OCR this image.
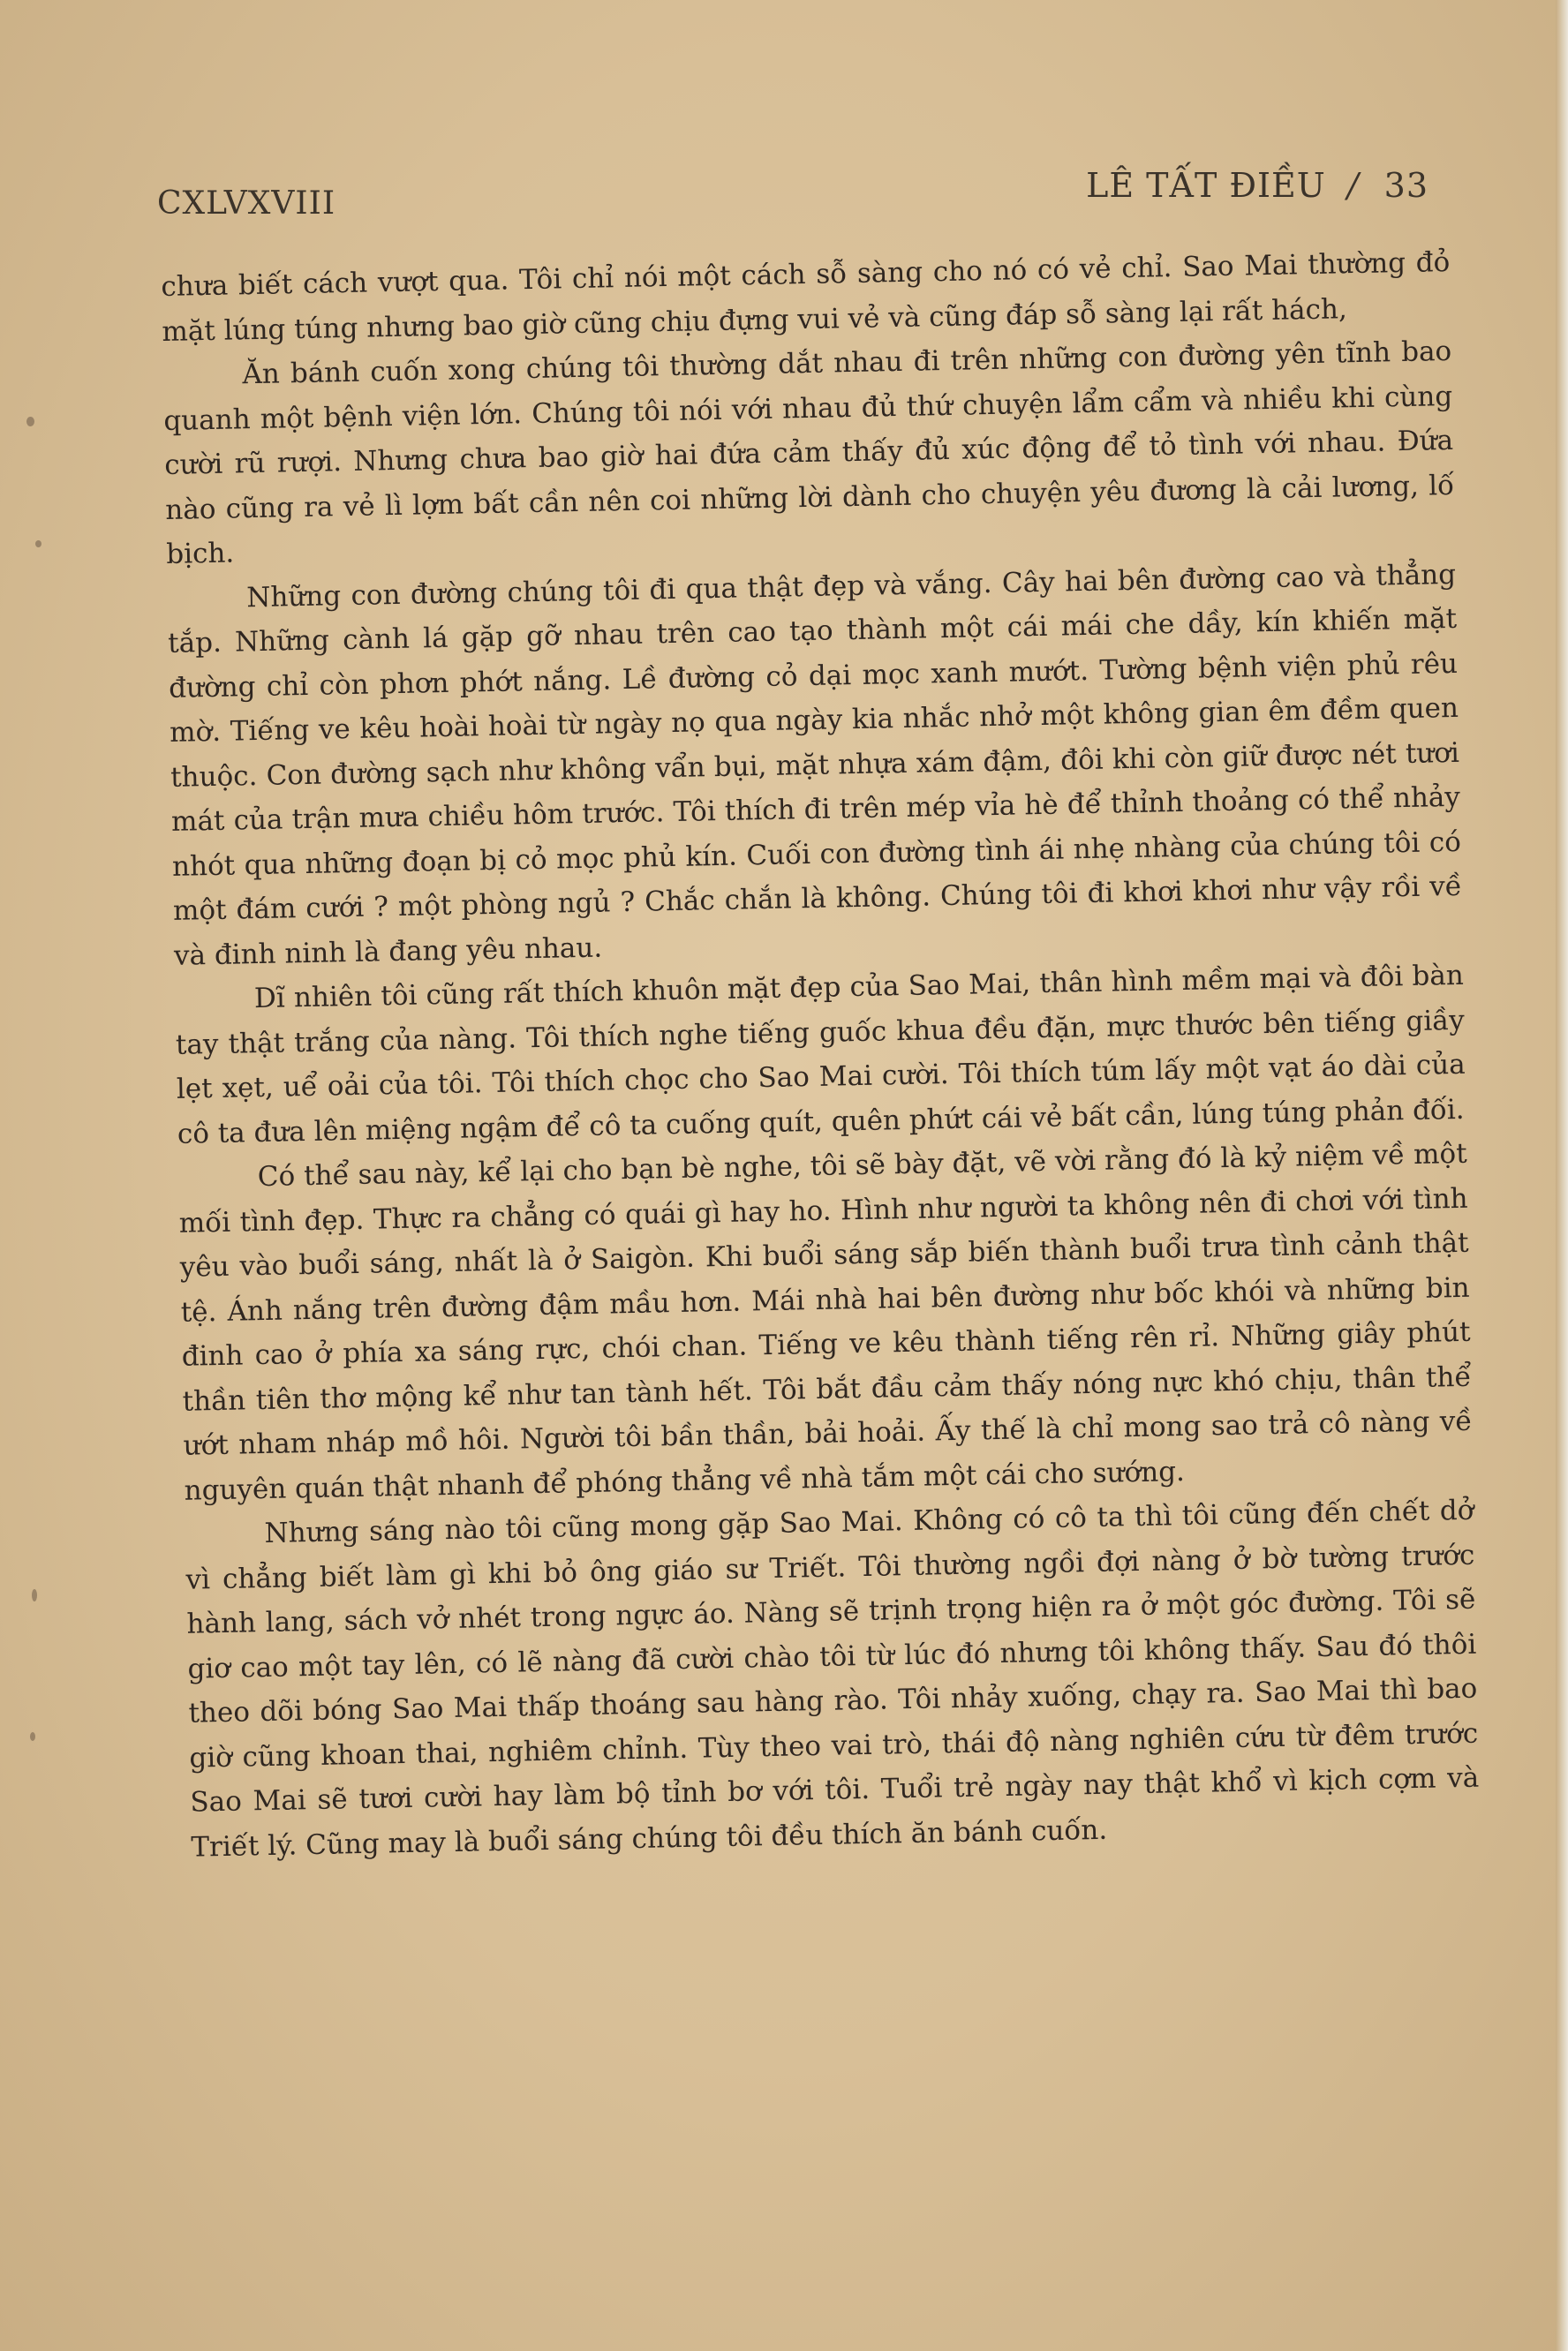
CXLVXVIII	LÊ TẤT ĐIỀU / 33

chưa biết cách vượt qua. Tôi chỉ nói một cách sỗ sàng cho nó có vẻ chỉ. Sao Mai thường đỏ mặt lúng túng nhưng bao giờ cũng chịu đựng vui vẻ và cũng đáp sỗ sàng lại rất hách,

Ăn bánh cuốn xong chúng tôi thường dắt nhau đi trên những con đường yên tĩnh bao quanh một bệnh viện lớn. Chúng tôi nói với nhau đủ thứ chuyện lẩm cẩm và nhiều khi cùng cười rũ rượi. Nhưng chưa bao giờ hai đứa cảm thấy đủ xúc động để tỏ tình với nhau. Đứa nào cũng ra vẻ lì lợm bất cần nên coi những lời dành cho chuyện yêu đương là cải lương, lố bịch.

Những con đường chúng tôi đi qua thật đẹp và vắng. Cây hai bên đường cao và thẳng tắp. Những cành lá gặp gỡ nhau trên cao tạo thành một cái mái che dầy, kín khiến mặt đường chỉ còn phơn phớt nắng. Lề đường cỏ dại mọc xanh mướt. Tường bệnh viện phủ rêu mờ. Tiếng ve kêu hoài hoài từ ngày nọ qua ngày kia nhắc nhở một không gian êm đềm quen thuộc. Con đường sạch như không vẩn bụi, mặt nhựa xám đậm, đôi khi còn giữ được nét tươi mát của trận mưa chiều hôm trước. Tôi thích đi trên mép vỉa hè để thỉnh thoảng có thể nhảy nhót qua những đoạn bị cỏ mọc phủ kín. Cuối con đường tình ái nhẹ nhàng của chúng tôi có một đám cưới ? một phòng ngủ ? Chắc chắn là không. Chúng tôi đi khơi khơi như vậy rồi về và đinh ninh là đang yêu nhau.

Dĩ nhiên tôi cũng rất thích khuôn mặt đẹp của Sao Mai, thân hình mềm mại và đôi bàn tay thật trắng của nàng. Tôi thích nghe tiếng guốc khua đều đặn, mực thước bên tiếng giầy lẹt xẹt, uể oải của tôi. Tôi thích chọc cho Sao Mai cười. Tôi thích túm lấy một vạt áo dài của cô ta đưa lên miệng ngậm để cô ta cuống quít, quên phứt cái vẻ bất cần, lúng túng phản đối.

Có thể sau này, kể lại cho bạn bè nghe, tôi sẽ bày đặt, vẽ vời rằng đó là kỷ niệm về một mối tình đẹp. Thực ra chẳng có quái gì hay ho. Hình như người ta không nên đi chơi với tình yêu vào buổi sáng, nhất là ở Saigòn. Khi buổi sáng sắp biến thành buổi trưa tình cảnh thật tệ. Ánh nắng trên đường đậm mầu hơn. Mái nhà hai bên đường như bốc khói và những bin đinh cao ở phía xa sáng rực, chói chan. Tiếng ve kêu thành tiếng rên rỉ. Những giây phút thần tiên thơ mộng kể như tan tành hết. Tôi bắt đầu cảm thấy nóng nực khó chịu, thân thể ướt nham nháp mồ hôi. Người tôi bần thần, bải hoải. Ấy thế là chỉ mong sao trả cô nàng về nguyên quán thật nhanh để phóng thẳng về nhà tắm một cái cho sướng.

Nhưng sáng nào tôi cũng mong gặp Sao Mai. Không có cô ta thì tôi cũng đến chết dở vì chẳng biết làm gì khi bỏ ông giáo sư Triết. Tôi thường ngồi đợi nàng ở bờ tường trước hành lang, sách vở nhét trong ngực áo. Nàng sẽ trịnh trọng hiện ra ở một góc đường. Tôi sẽ giơ cao một tay lên, có lẽ nàng đã cười chào tôi từ lúc đó nhưng tôi không thấy. Sau đó thôi theo dõi bóng Sao Mai thấp thoáng sau hàng rào. Tôi nhảy xuống, chạy ra. Sao Mai thì bao giờ cũng khoan thai, nghiêm chỉnh. Tùy theo vai trò, thái độ nàng nghiên cứu từ đêm trước Sao Mai sẽ tươi cười hay làm bộ tỉnh bơ với tôi. Tuổi trẻ ngày nay thật khổ vì kịch cợm và Triết lý. Cũng may là buổi sáng chúng tôi đều thích ăn bánh cuốn.
